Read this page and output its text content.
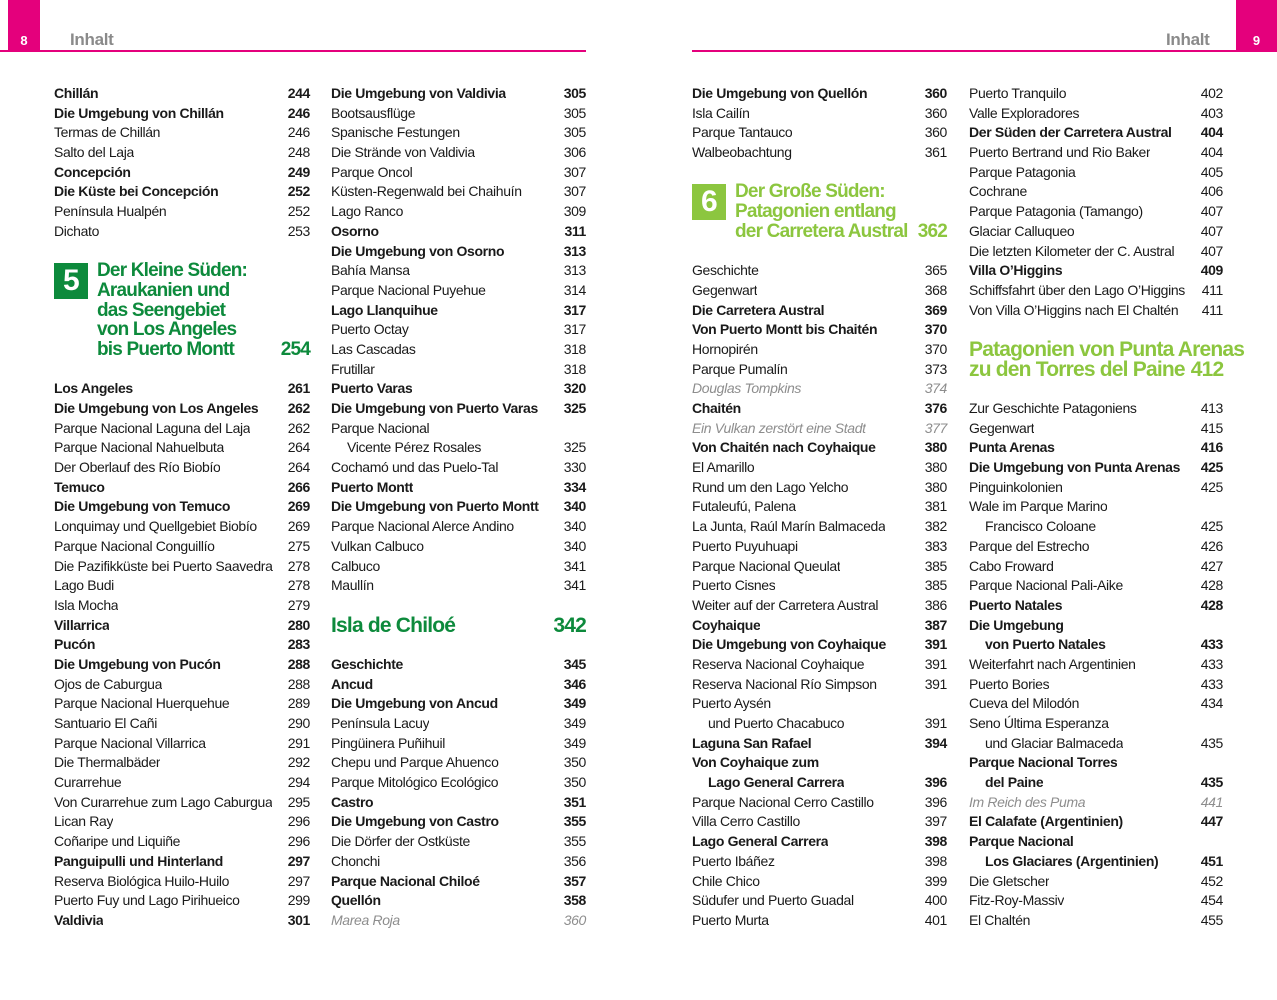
8	Inhalt	9
Inhalt
Chillán	244
Die Umgebung von Chillán	246
Termas de Chillán	246
Salto del Laja	248
Concepción	249
Die Küste bei Concepción	252
Península Hualpén	252
Dichato	253
5 Der Kleine Süden:
Araukanien und
das Seengebiet
von Los Angeles
bis Puerto Montt	254
Los Angeles	261
Die Umgebung von Los Angeles	262
Parque Nacional Laguna del Laja	262
Parque Nacional Nahuelbuta	264
Der Oberlauf des Río Biobío	264
Temuco	266
Die Umgebung von Temuco	269
Lonquimay und Quellgebiet Biobío	269
Parque Nacional Conguillío	275
Die Pazifikküste bei Puerto Saavedra	278
Lago Budi	278
Isla Mocha	279
Villarrica	280
Pucón	283
Die Umgebung von Pucón	288
Ojos de Caburgua	288
Parque Nacional Huerquehue	289
Santuario El Cañi	290
Parque Nacional Villarrica	291
Die Thermalbäder	292
Curarrehue	294
Von Curarrehue zum Lago Caburgua	295
Lican Ray	296
Coñaripe und Liquiñe	296
Panguipulli und Hinterland	297
Reserva Biológica Huilo-Huilo	297
Puerto Fuy und Lago Pirihueico	299
Valdivia	301
Die Umgebung von Valdivia	305
Bootsausflüge	305
Spanische Festungen	305
Die Strände von Valdivia	306
Parque Oncol	307
Küsten-Regenwald bei Chaihuín	307
Lago Ranco	309
Osorno	311
Die Umgebung von Osorno	313
Bahía Mansa	313
Parque Nacional Puyehue	314
Lago Llanquihue	317
Puerto Octay	317
Las Cascadas	318
Frutillar	318
Puerto Varas	320
Die Umgebung von Puerto Varas	325
Parque Nacional
Vicente Pérez Rosales	325
Cochamó und das Puelo-Tal	330
Puerto Montt	334
Die Umgebung von Puerto Montt	340
Parque Nacional Alerce Andino	340
Vulkan Calbuco	340
Calbuco	341
Maullín	341
Isla de Chiloé	342
Geschichte	345
Ancud	346
Die Umgebung von Ancud	349
Península Lacuy	349
Pingüinera Puñihuil	349
Chepu und Parque Ahuenco	350
Parque Mitológico Ecológico	350
Castro	351
Die Umgebung von Castro	355
Die Dörfer der Ostküste	355
Chonchi	356
Parque Nacional Chiloé	357
Quellón	358
Marea Roja	360
Die Umgebung von Quellón	360
Isla Cailín	360
Parque Tantauco	360
Walbeobachtung	361
6 Der Große Süden:
Patagonien entlang
der Carretera Austral 362
Geschichte	365
Gegenwart	368
Die Carretera Austral	369
Von Puerto Montt bis Chaitén	370
Hornopirén	370
Parque Pumalín	373
Douglas Tompkins	374
Chaitén	376
Ein Vulkan zerstört eine Stadt	377
Von Chaitén nach Coyhaique	380
El Amarillo	380
Rund um den Lago Yelcho	380
Futaleufú, Palena	381
La Junta, Raúl Marín Balmaceda	382
Puerto Puyuhuapi	383
Parque Nacional Queulat	385
Puerto Cisnes	385
Weiter auf der Carretera Austral	386
Coyhaique	387
Die Umgebung von Coyhaique	391
Reserva Nacional Coyhaique	391
Reserva Nacional Río Simpson	391
Puerto Aysén
und Puerto Chacabuco	391
Laguna San Rafael	394
Von Coyhaique zum
Lago General Carrera	396
Parque Nacional Cerro Castillo	396
Villa Cerro Castillo	397
Lago General Carrera	398
Puerto Ibáñez	398
Chile Chico	399
Südufer und Puerto Guadal	400
Puerto Murta	401
Puerto Tranquilo	402
Valle Exploradores	403
Der Süden der Carretera Austral	404
Puerto Bertrand und Rio Baker	404
Parque Patagonia	405
Cochrane	406
Parque Patagonia (Tamango)	407
Glaciar Calluqueo	407
Die letzten Kilometer der C. Austral	407
Villa O’Higgins	409
Schiffsfahrt über den Lago O’Higgins	411
Von Villa O’Higgins nach El Chaltén	411
Patagonien von Punta Arenas
zu den Torres del Paine 412
Zur Geschichte Patagoniens	413
Gegenwart	415
Punta Arenas	416
Die Umgebung von Punta Arenas	425
Pinguinkolonien	425
Wale im Parque Marino
Francisco Coloane	425
Parque del Estrecho	426
Cabo Froward	427
Parque Nacional Pali-Aike	428
Puerto Natales	428
Die Umgebung
von Puerto Natales	433
Weiterfahrt nach Argentinien	433
Puerto Bories	433
Cueva del Milodón	434
Seno Última Esperanza
und Glaciar Balmaceda	435
Parque Nacional Torres
del Paine	435
Im Reich des Puma	441
El Calafate (Argentinien)	447
Parque Nacional
Los Glaciares (Argentinien)	451
Die Gletscher	452
Fitz-Roy-Massiv	454
El Chaltén	455
